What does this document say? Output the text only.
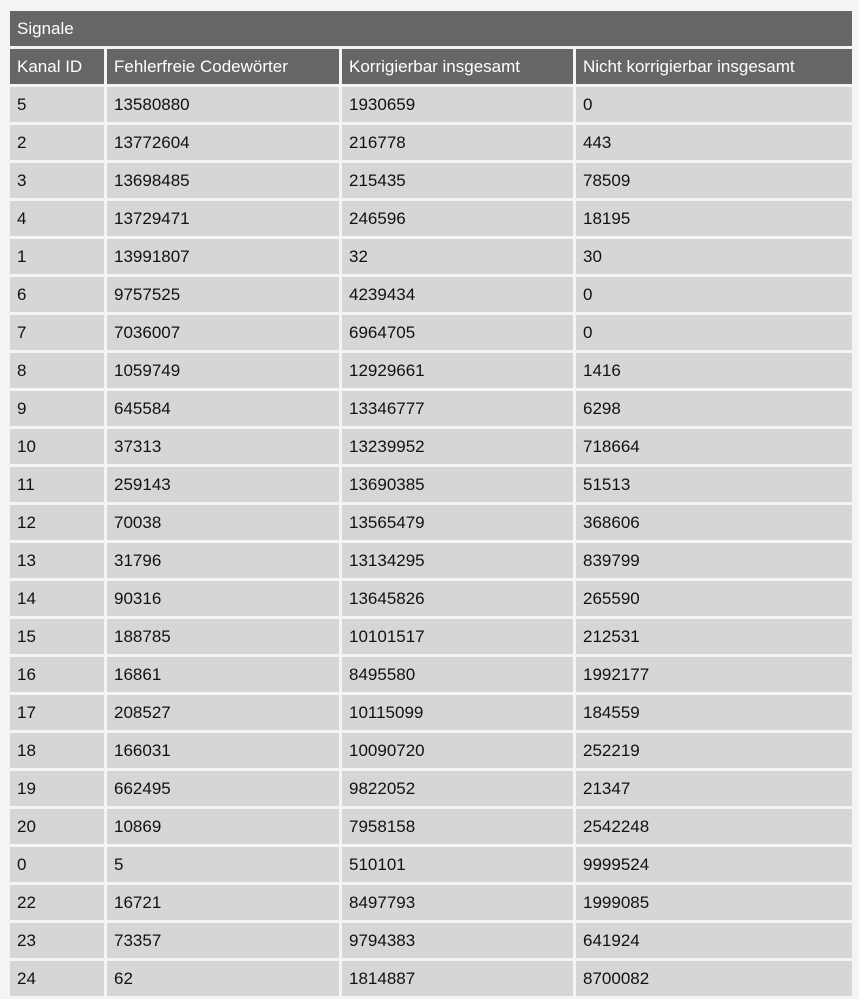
Signale			
Kanal ID	Fehlerfreie Codewörter	Korrigierbar insgesamt	Nicht korrigierbar insgesamt
5	13580880	1930659	0
2	13772604	216778	443
3	13698485	215435	78509
4	13729471	246596	18195
1	13991807	32	30
6	9757525	4239434	0
7	7036007	6964705	0
8	1059749	12929661	1416
9	645584	13346777	6298
10	37313	13239952	718664
11	259143	13690385	51513
12	70038	13565479	368606
13	31796	13134295	839799
14	90316	13645826	265590
15	188785	10101517	212531
16	16861	8495580	1992177
17	208527	10115099	184559
18	166031	10090720	252219
19	662495	9822052	21347
20	10869	7958158	2542248
0	5	510101	9999524
22	16721	8497793	1999085
23	73357	9794383	641924
24	62	1814887	8700082
